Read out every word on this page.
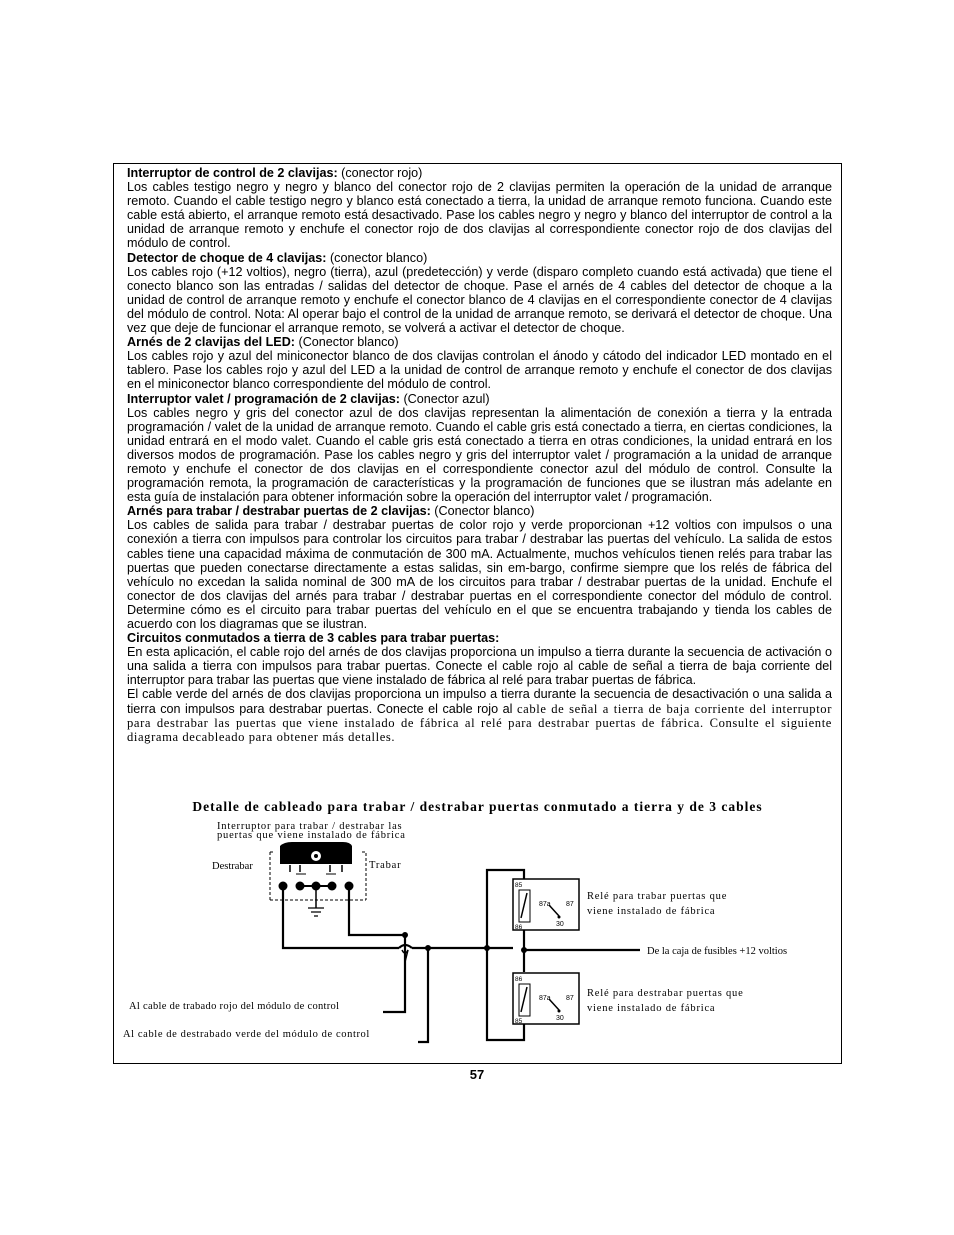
Interruptor de control de 2 clavijas: (conector rojo)

Los cables testigo negro y negro y blanco del conector rojo de 2 clavijas permiten la operación de la unidad de arranque remoto. Cuando el cable testigo negro y blanco está conectado a tierra, la unidad de arranque remoto funciona. Cuando este cable está abierto, el arranque remoto está desactivado. Pase los cables negro y negro y blanco del interruptor de control a la unidad de arranque remoto y enchufe el conector rojo de dos clavijas al correspondiente conector rojo de dos clavijas del módulo de control.

Detector de choque de 4 clavijas: (conector blanco)

Los cables rojo (+12 voltios), negro (tierra), azul (predetección) y verde (disparo completo cuando está activada) que tiene el conecto blanco son las entradas / salidas del detector de choque. Pase el arnés de 4 cables del detector de choque a la unidad de control de arranque remoto y enchufe el conector blanco de 4 clavijas en el correspondiente conector de 4 clavijas del módulo de control. Nota: Al operar bajo el control de la unidad de arranque remoto, se derivará el detector de choque. Una vez que deje de funcionar el arranque remoto, se volverá a activar el detector de choque.

Arnés de 2 clavijas del LED: (Conector blanco)

Los cables rojo y azul del miniconector blanco de dos clavijas controlan el ánodo y cátodo del indicador LED montado en el tablero. Pase los cables rojo y azul del LED a la unidad de control de arranque remoto y enchufe el conector de dos clavijas en el miniconector blanco correspondiente del módulo de control.

Interruptor valet / programación de 2 clavijas: (Conector azul)

Los cables negro y gris del conector azul de dos clavijas representan la alimentación de conexión a tierra y la entrada programación / valet de la unidad de arranque remoto. Cuando el cable gris está conectado a tierra, en ciertas condiciones, la unidad entrará en el modo valet. Cuando el cable gris está conectado a tierra en otras condiciones, la unidad entrará en los diversos modos de programación. Pase los cables negro y gris del interruptor valet / programación a la unidad de arranque remoto y enchufe el conector de dos clavijas en el correspondiente conector azul del módulo de control. Consulte la programación remota, la programación de características y la programación de funciones que se ilustran más adelante en esta guía de instalación para obtener información sobre la operación del interruptor valet / programación.

Arnés para trabar / destrabar puertas de 2 clavijas: (Conector blanco)

Los cables de salida para trabar / destrabar puertas de color rojo y verde proporcionan +12 voltios con impulsos o una conexión a tierra con impulsos para controlar los circuitos para trabar / destrabar las puertas del vehículo. La salida de estos cables tiene una capacidad máxima de conmutación de 300 mA. Actualmente, muchos vehículos tienen relés para trabar las puertas que pueden conectarse directamente a estas salidas, sin em-bargo, confirme siempre que los relés de fábrica del vehículo no excedan la salida nominal de 300 mA de los circuitos para trabar / destrabar puertas de la unidad. Enchufe el conector de dos clavijas del arnés para trabar / destrabar puertas en el correspondiente conector del módulo de control. Determine cómo es el circuito para trabar puertas del vehículo en el que se encuentra trabajando y tienda los cables de acuerdo con los diagramas que se ilustran.

Circuitos conmutados a tierra de 3 cables para trabar puertas:

En esta aplicación, el cable rojo del arnés de dos clavijas proporciona un impulso a tierra durante la secuencia de activación o una salida a tierra con impulsos para trabar puertas. Conecte el cable rojo al cable de señal a tierra de baja corriente del interruptor para trabar las puertas que viene instalado de fábrica al relé para trabar puertas de fábrica.

El cable verde del arnés de dos clavijas proporciona un impulso a tierra durante la secuencia de desactivación o una salida a tierra con impulsos para destrabar puertas. Conecte el cable rojo al cable de señal a tierra de baja corriente del interruptor para destrabar las puertas que viene instalado de fábrica al relé para destrabar puertas de fábrica. Consulte el siguiente diagrama decableado para obtener más detalles.

Detalle de cableado para trabar / destrabar puertas conmutado a tierra y de 3 cables
Interruptor para trabar / destrabar las
puertas que viene instalado de fábrica
Destrabar	Trabar
85
86
87a 87
30
86
85
87a 87
30
Relé para trabar puertas que
viene instalado de fábrica
De la caja de fusibles +12 voltios
Relé para destrabar puertas que
viene instalado de fábrica
Al cable de trabado rojo del módulo de control
Al cable de destrabado verde del módulo de control
57
